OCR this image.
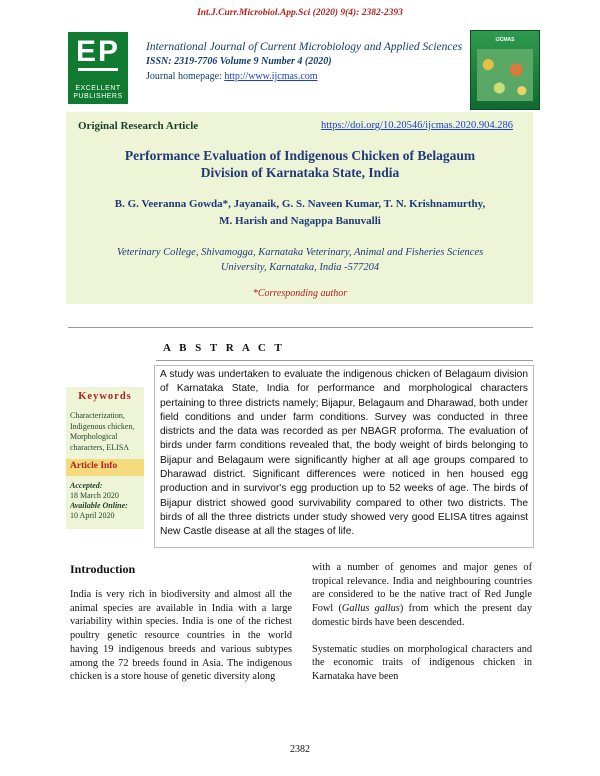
Int.J.Curr.Microbiol.App.Sci (2020) 9(4): 2382-2393
EP
EXCELLENT PUBLISHERS
International Journal of Current Microbiology and Applied Sciences
ISSN: 2319-7706 Volume 9 Number 4 (2020)
Journal homepage: http://www.ijcmas.com
IJCMAS
Original Research Article	https://doi.org/10.20546/ijcmas.2020.904.286
Performance Evaluation of Indigenous Chicken of Belagaum
Division of Karnataka State, India
B. G. Veeranna Gowda*, Jayanaik, G. S. Naveen Kumar, T. N. Krishnamurthy,
M. Harish and Nagappa Banuvalli
Veterinary College, Shivamogga, Karnataka Veterinary, Animal and Fisheries Sciences
University, Karnataka, India -577204
*Corresponding author
A B S T R A C T
Keywords
Characterization, Indigenous chicken, Morphological characters, ELISA
Article Info
Accepted:
18 March 2020
Available Online:
10 April 2020
A study was undertaken to evaluate the indigenous chicken of Belagaum division of Karnataka State, India for performance and morphological characters pertaining to three districts namely; Bijapur, Belagaum and Dharawad, both under field conditions and under farm conditions. Survey was conducted in three districts and the data was recorded as per NBAGR proforma. The evaluation of birds under farm conditions revealed that, the body weight of birds belonging to Bijapur and Belagaum were significantly higher at all age groups compared to Dharawad district. Significant differences were noticed in hen housed egg production and in survivor's egg production up to 52 weeks of age. The birds of Bijapur district showed good survivability compared to other two districts. The birds of all the three districts under study showed very good ELISA titres against New Castle disease at all the stages of life.
Introduction
India is very rich in biodiversity and almost all the animal species are available in India with a large variability within species. India is one of the richest poultry genetic resource countries in the world having 19 indigenous breeds and various subtypes among the 72 breeds found in Asia. The indigenous chicken is a store house of genetic diversity along

with a number of genomes and major genes of tropical relevance. India and neighbouring countries are considered to be the native tract of Red Jungle Fowl (Gallus gallus) from which the present day domestic birds have been descended.

Systematic studies on morphological characters and the economic traits of indigenous chicken in Karnataka have been

2382
